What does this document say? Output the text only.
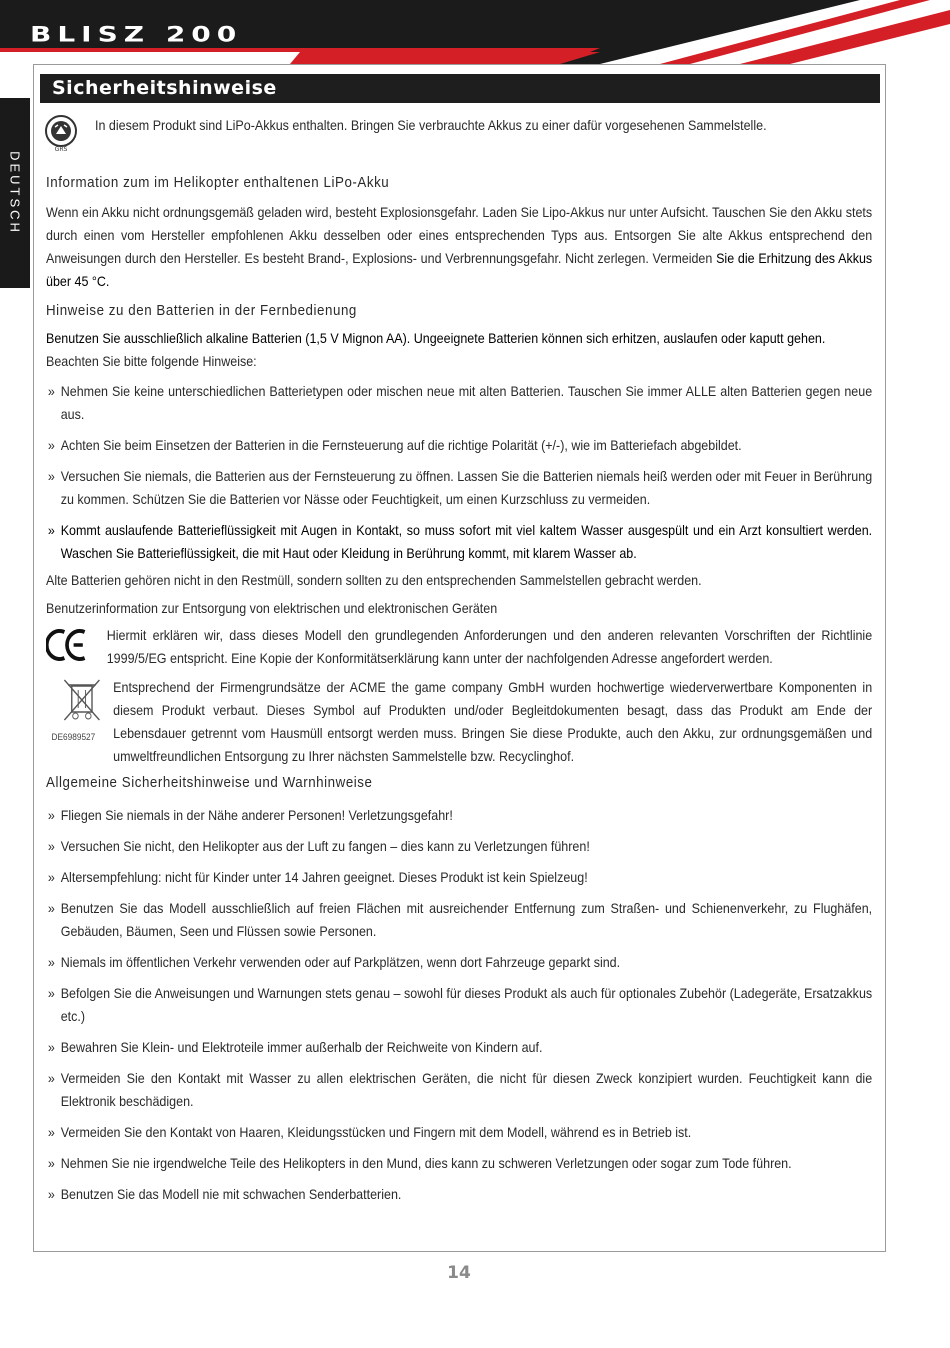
BLISZ 200
3D HELI MASTER
DEUTSCH
Sicherheitshinweise
GRS
In diesem Produkt sind LiPo-Akkus enthalten. Bringen Sie verbrauchte Akkus zu einer dafür vorgesehenen Sammelstelle.
Information zum im Helikopter enthaltenen LiPo-Akku
Wenn ein Akku nicht ordnungsgemäß geladen wird, besteht Explosionsgefahr. Laden Sie Lipo-Akkus nur unter Aufsicht. Tauschen Sie den Akku stets durch einen vom Hersteller empfohlenen Akku desselben oder eines entsprechenden Typs aus. Entsorgen Sie alte Akkus entsprechend den Anweisungen durch den Hersteller. Es besteht Brand-, Explosions- und Verbrennungsgefahr. Nicht zerlegen. Vermeiden Sie die Erhitzung des Akkus über 45 °C.
Hinweise zu den Batterien in der Fernbedienung
Benutzen Sie ausschließlich alkaline Batterien (1,5 V Mignon AA). Ungeeignete Batterien können sich erhitzen, auslaufen oder kaputt gehen.
Beachten Sie bitte folgende Hinweise:
» Nehmen Sie keine unterschiedlichen Batterietypen oder mischen neue mit alten Batterien. Tauschen Sie immer ALLE alten Batterien gegen neue aus.
» Achten Sie beim Einsetzen der Batterien in die Fernsteuerung auf die richtige Polarität (+/-), wie im Batteriefach abgebildet.
» Versuchen Sie niemals, die Batterien aus der Fernsteuerung zu öffnen. Lassen Sie die Batterien niemals heiß werden oder mit Feuer in Berührung zu kommen. Schützen Sie die Batterien vor Nässe oder Feuchtigkeit, um einen Kurzschluss zu vermeiden.
» Kommt auslaufende Batterieflüssigkeit mit Augen in Kontakt, so muss sofort mit viel kaltem Wasser ausgespült und ein Arzt konsultiert werden. Waschen Sie Batterieflüssigkeit, die mit Haut oder Kleidung in Berührung kommt, mit klarem Wasser ab.
Alte Batterien gehören nicht in den Restmüll, sondern sollten zu den entsprechenden Sammelstellen gebracht werden.
Benutzerinformation zur Entsorgung von elektrischen und elektronischen Geräten
Hiermit erklären wir, dass dieses Modell den grundlegenden Anforderungen und den anderen relevanten Vorschriften der Richtlinie 1999/5/EG entspricht. Eine Kopie der Konformitätserklärung kann unter der nachfolgenden Adresse angefordert werden.
DE6989527
Entsprechend der Firmengrundsätze der ACME the game company GmbH wurden hochwertige wiederverwertbare Komponenten in diesem Produkt verbaut. Dieses Symbol auf Produkten und/oder Begleitdokumenten besagt, dass das Produkt am Ende der Lebensdauer getrennt vom Hausmüll entsorgt werden muss. Bringen Sie diese Produkte, auch den Akku, zur ordnungsgemäßen und umweltfreundlichen Entsorgung zu Ihrer nächsten Sammelstelle bzw. Recyclinghof.
Allgemeine Sicherheitshinweise und Warnhinweise
» Fliegen Sie niemals in der Nähe anderer Personen! Verletzungsgefahr!
» Versuchen Sie nicht, den Helikopter aus der Luft zu fangen – dies kann zu Verletzungen führen!
» Altersempfehlung: nicht für Kinder unter 14 Jahren geeignet. Dieses Produkt ist kein Spielzeug!
» Benutzen Sie das Modell ausschließlich auf freien Flächen mit ausreichender Entfernung zum Straßen- und Schienenverkehr, zu Flughäfen, Gebäuden, Bäumen, Seen und Flüssen sowie Personen.
» Niemals im öffentlichen Verkehr verwenden oder auf Parkplätzen, wenn dort Fahrzeuge geparkt sind.
» Befolgen Sie die Anweisungen und Warnungen stets genau – sowohl für dieses Produkt als auch für optionales Zubehör (Ladegeräte, Ersatzakkus etc.)
» Bewahren Sie Klein- und Elektroteile immer außerhalb der Reichweite von Kindern auf.
» Vermeiden Sie den Kontakt mit Wasser zu allen elektrischen Geräten, die nicht für diesen Zweck konzipiert wurden. Feuchtigkeit kann die Elektronik beschädigen.
» Vermeiden Sie den Kontakt von Haaren, Kleidungsstücken und Fingern mit dem Modell, während es in Betrieb ist.
» Nehmen Sie nie irgendwelche Teile des Helikopters in den Mund, dies kann zu schweren Verletzungen oder sogar zum Tode führen.
» Benutzen Sie das Modell nie mit schwachen Senderbatterien.
14
